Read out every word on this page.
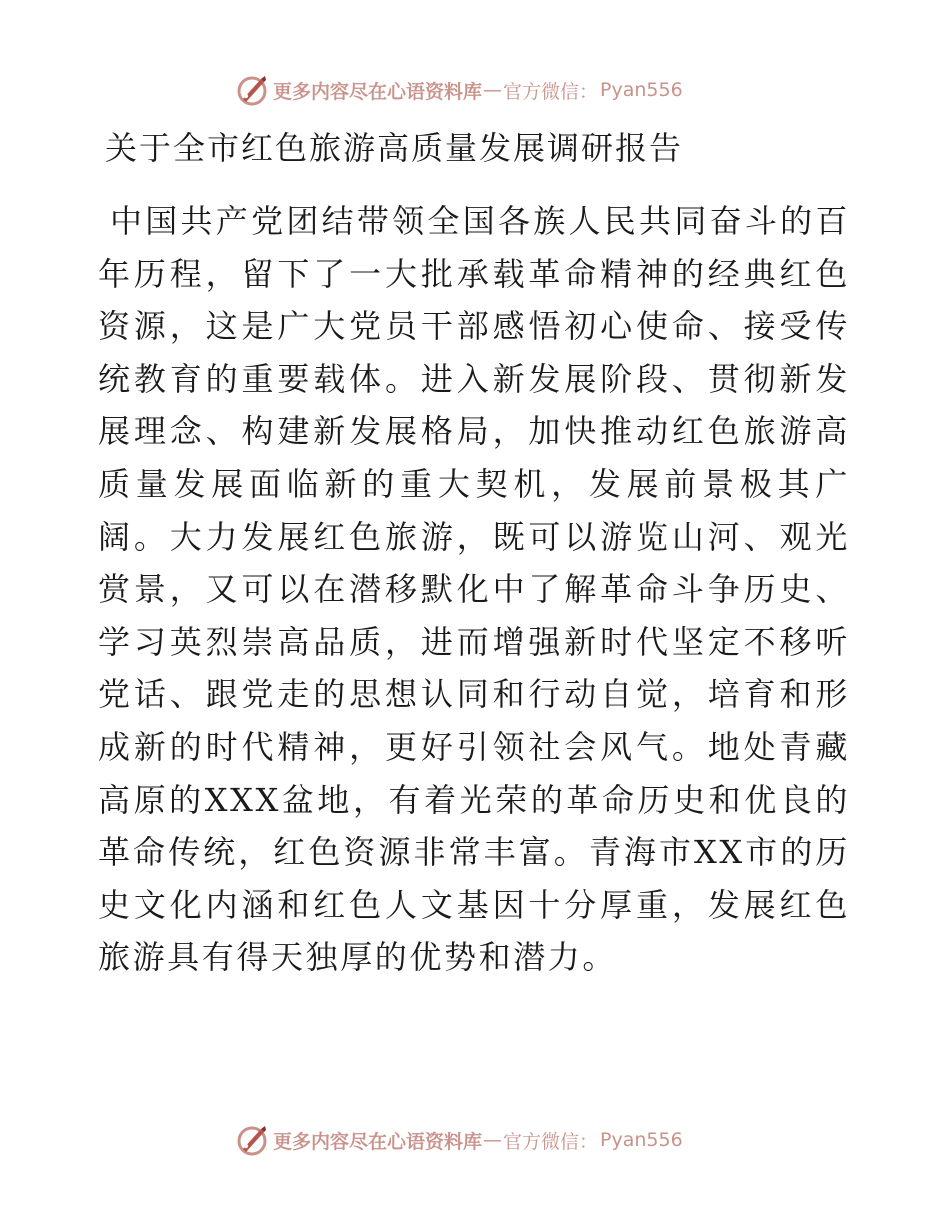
更多内容尽在心语资料库 — 官方微信： Pyan556
关于全市红色旅游高质量发展调研报告

中国共产党团结带领全国各族人民共同奋斗的百年历程，留下了一大批承载革命精神的经典红色资源，这是广大党员干部感悟初心使命、接受传统教育的重要载体。进入新发展阶段、贯彻新发展理念、构建新发展格局，加快推动红色旅游高质量发展面临新的重大契机，发展前景极其广阔。大力发展红色旅游，既可以游览山河、观光赏景，又可以在潜移默化中了解革命斗争历史、学习英烈崇高品质，进而增强新时代坚定不移听党话、跟党走的思想认同和行动自觉，培育和形成新的时代精神，更好引领社会风气。地处青藏高原的XXX盆地，有着光荣的革命历史和优良的革命传统，红色资源非常丰富。青海市XX市的历史文化内涵和红色人文基因十分厚重，发展红色旅游具有得天独厚的优势和潜力。

更多内容尽在心语资料库 — 官方微信： Pyan556
